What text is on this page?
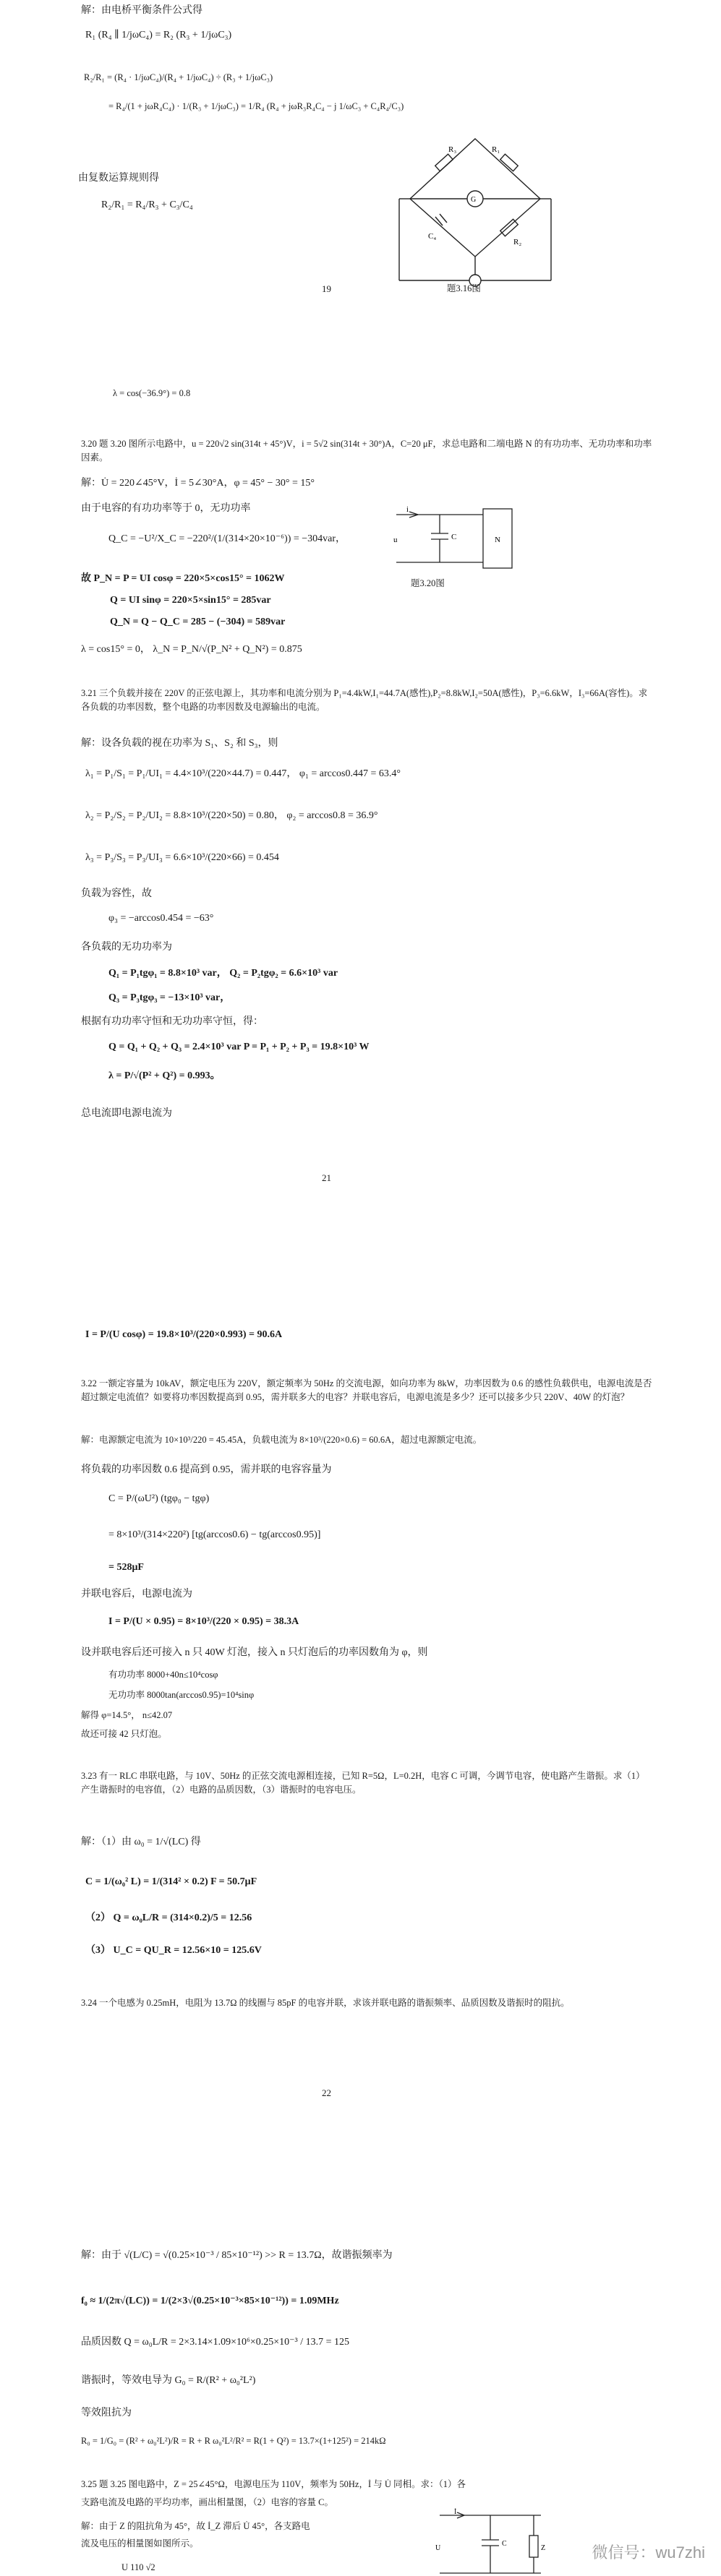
解：由电桥平衡条件公式得
R₁ (R₄ ∥ 1/jωC₄) = R₂ (R₃ + 1/jωC₃)
R₂/R₁ = (R₄ · 1/jωC₄)/(R₄ + 1/jωC₄) ÷ (R₃ + 1/jωC₃)
= R₄/(1 + jωR₄C₄) · 1/(R₃ + 1/jωC₃) = 1/R₄ (R₄ + jωR₃R₄C₄ − j 1/ωC₃ + C₄R₄/C₃)
由复数运算规则得
R₂/R₁ = R₄/R₃ + C₃/C₄
R₁
R₃
R₂
C₄
G
19	题3.16图
λ = cos(−36.9°) = 0.8
3.20 题 3.20 图所示电路中，u = 220√2 sin(314t + 45°)V，i = 5√2 sin(314t + 30°)A，C=20 μF，求总电路和二端电路 N 的有功功率、无功功率和功率因素。
解：U̇ = 220∠45°V，İ = 5∠30°A，φ = 45° − 30° = 15°
由于电容的有功功率等于 0，无功功率
Q_C = −U²/X_C = −220²/(1/(314×20×10⁻⁶)) = −304var，
故 P_N = P = UI cosφ = 220×5×cos15° = 1062W
Q = UI sinφ = 220×5×sin15° = 285var
Q_N = Q − Q_C = 285 − (−304) = 589var
λ = cos15° = 0， λ_N = P_N/√(P_N² + Q_N²) = 0.875
i
u	C	N
题3.20图
3.21 三个负载并接在 220V 的正弦电源上，其功率和电流分别为 P₁=4.4kW,I₁=44.7A(感性),P₂=8.8kW,I₂=50A(感性)，P₃=6.6kW，I₃=66A(容性)。求各负载的功率因数，整个电路的功率因数及电源输出的电流。
解：设各负载的视在功率为 S₁、S₂ 和 S₃，则
λ₁ = P₁/S₁ = P₁/UI₁ = 4.4×10³/(220×44.7) = 0.447， φ₁ = arccos0.447 = 63.4°
λ₂ = P₂/S₂ = P₂/UI₂ = 8.8×10³/(220×50) = 0.80， φ₂ = arccos0.8 = 36.9°
λ₃ = P₃/S₃ = P₃/UI₃ = 6.6×10³/(220×66) = 0.454
负载为容性，故
φ₃ = −arccos0.454 = −63°
各负载的无功功率为
Q₁ = P₁tgφ₁ = 8.8×10³ var， Q₂ = P₂tgφ₂ = 6.6×10³ var
Q₃ = P₃tgφ₃ = −13×10³ var，
根据有功功率守恒和无功功率守恒，得：
Q = Q₁ + Q₂ + Q₃ = 2.4×10³ var P = P₁ + P₂ + P₃ = 19.8×10³ W
λ = P/√(P² + Q²) = 0.993。
总电流即电源电流为
21
I = P/(U cosφ) = 19.8×10³/(220×0.993) = 90.6A
3.22 一额定容量为 10kAV，额定电压为 220V，额定频率为 50Hz 的交流电源，如向功率为 8kW，功率因数为 0.6 的感性负载供电，电源电流是否超过额定电流值？如要将功率因数提高到 0.95，需并联多大的电容？并联电容后，电源电流是多少？还可以接多少只 220V、40W 的灯泡？
解：电源额定电流为 10×10³/220 = 45.45A，负载电流为 8×10³/(220×0.6) = 60.6A，超过电源额定电流。
将负载的功率因数 0.6 提高到 0.95，需并联的电容容量为
C = P/(ωU²) (tgφ₀ − tgφ)
= 8×10³/(314×220²) [tg(arccos0.6) − tg(arccos0.95)]
= 528μF
并联电容后，电源电流为
I = P/(U × 0.95) = 8×10³/(220 × 0.95) = 38.3A
设并联电容后还可接入 n 只 40W 灯泡，接入 n 只灯泡后的功率因数角为 φ，则
有功功率 8000+40n≤10⁴cosφ
无功功率 8000tan(arccos0.95)=10⁴sinφ
解得 φ=14.5°， n≤42.07
故还可接 42 只灯泡。
3.23 有一 RLC 串联电路，与 10V、50Hz 的正弦交流电源相连接，已知 R=5Ω，L=0.2H，电容 C 可调，今调节电容，使电路产生谐振。求（1）产生谐振时的电容值，（2）电路的品质因数，（3）谐振时的电容电压。
解：（1）由 ω₀ = 1/√(LC) 得
C = 1/(ω₀² L) = 1/(314² × 0.2) F = 50.7μF
（2） Q = ω₀L/R = (314×0.2)/5 = 12.56
（3） U_C = QU_R = 12.56×10 = 125.6V
3.24 一个电感为 0.25mH，电阻为 13.7Ω 的线圈与 85pF 的电容并联，求该并联电路的谐振频率、品质因数及谐振时的阻抗。
22
解：由于 √(L/C) = √(0.25×10⁻³ / 85×10⁻¹²) >> R = 13.7Ω，故谐振频率为
f₀ ≈ 1/(2π√(LC)) = 1/(2×3√(0.25×10⁻³×85×10⁻¹²)) = 1.09MHz
品质因数 Q = ω₀L/R = 2×3.14×1.09×10⁶×0.25×10⁻³ / 13.7 = 125
谐振时，等效电导为 G₀ = R/(R² + ω₀²L²)
等效阻抗为
R₀ = 1/G₀ = (R² + ω₀²L²)/R = R + R ω₀²L²/R² = R(1 + Q²) = 13.7×(1+125²) = 214kΩ
3.25 题 3.25 图电路中，Z = 25∠45°Ω，电源电压为 110V，频率为 50Hz，İ 与 U̇ 同相。求：（1）各
支路电流及电路的平均功率，画出相量图，（2）电容的容量 C。
解：由于 Z 的阻抗角为 45°，故 İ_Z 滞后 U̇ 45°，各支路电
流及电压的相量图如图所示。
U 110 √2
İ
U
C
Z	微信号：wu7zhi
